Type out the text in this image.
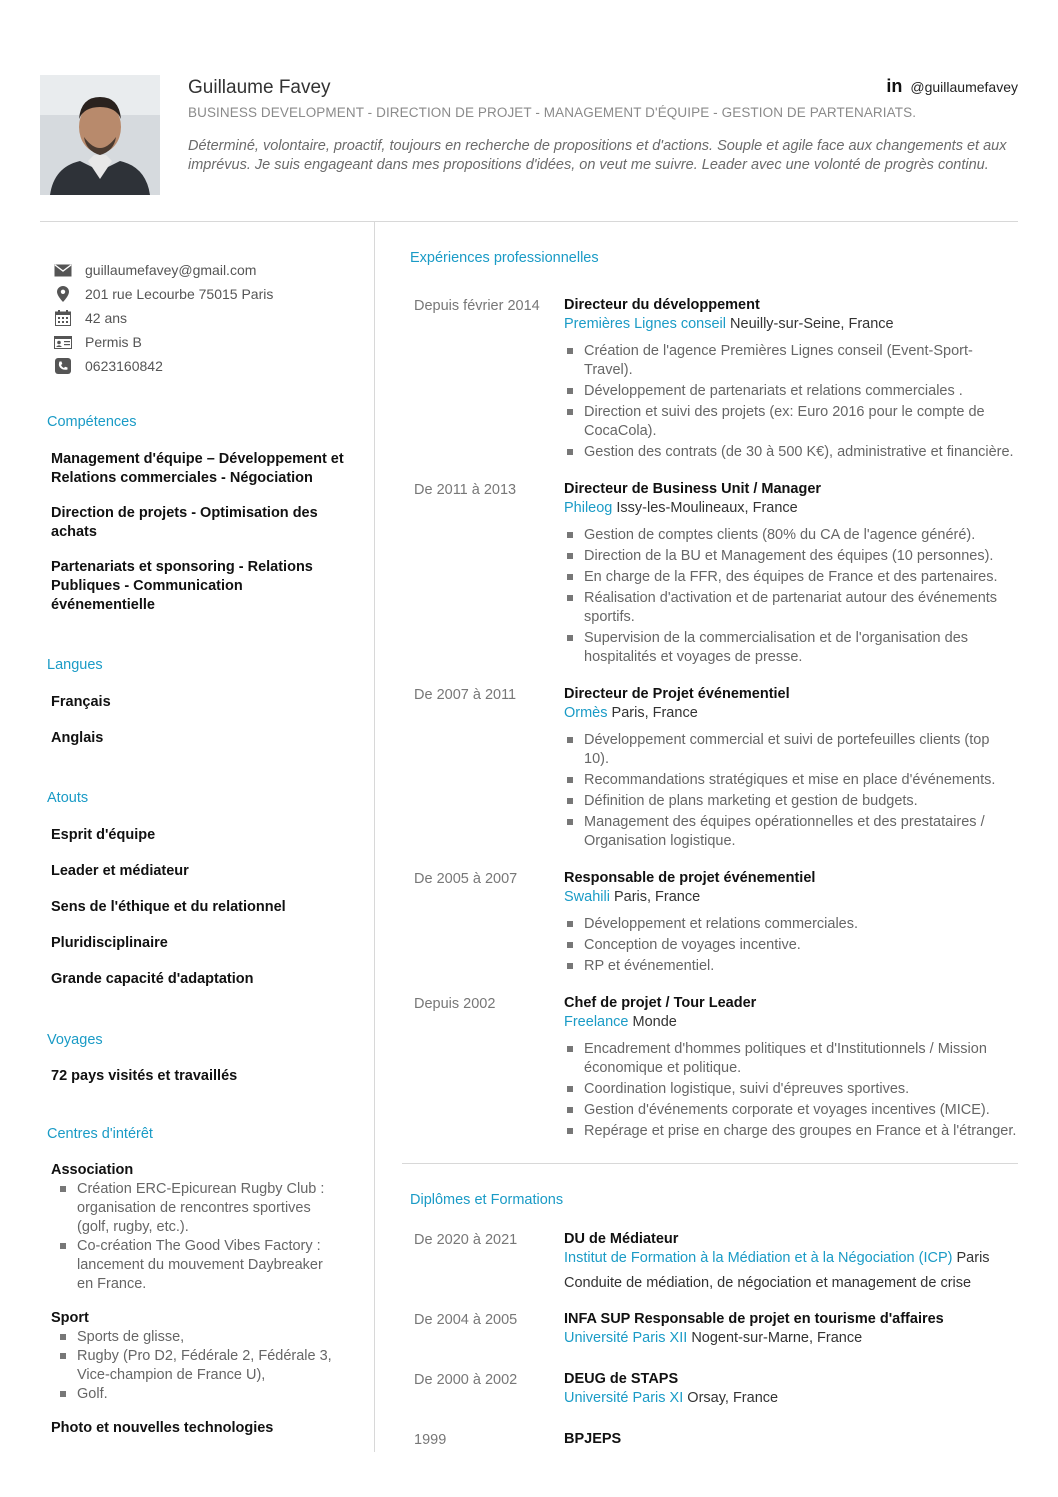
Guillaume Favey
BUSINESS DEVELOPMENT - DIRECTION DE PROJET - MANAGEMENT D'ÉQUIPE - GESTION DE PARTENARIATS.
Déterminé, volontaire, proactif, toujours en recherche de propositions et d'actions. Souple et agile face aux changements et aux imprévus. Je suis engageant dans mes propositions d'idées, on veut me suivre. Leader avec une volonté de progrès continu.
in @guillaumefavey
guillaumefavey@gmail.com
201 rue Lecourbe 75015 Paris
42 ans
Permis B
0623160842
Compétences
Management d'équipe – Développement et Relations commerciales - Négociation
Direction de projets - Optimisation des achats
Partenariats et sponsoring - Relations Publiques - Communication événementielle
Langues
Français
Anglais
Atouts
Esprit d'équipe
Leader et médiateur
Sens de l'éthique et du relationnel
Pluridisciplinaire
Grande capacité d'adaptation
Voyages
72 pays visités et travaillés
Centres d'intérêt
Association
Création ERC-Epicurean Rugby Club : organisation de rencontres sportives (golf, rugby, etc.).
Co-création The Good Vibes Factory : lancement du mouvement Daybreaker en France.
Sport
Sports de glisse,
Rugby (Pro D2, Fédérale 2, Fédérale 3, Vice-champion de France U),
Golf.
Photo et nouvelles technologies
Expériences professionnelles
Depuis février 2014	Directeur du développement
Premières Lignes conseil Neuilly-sur-Seine, France
Création de l'agence Premières Lignes conseil (Event-Sport-Travel).
Développement de partenariats et relations commerciales .
Direction et suivi des projets (ex: Euro 2016 pour le compte de CocaCola).
Gestion des contrats (de 30 à 500 K€), administrative et financière.
De 2011 à 2013	Directeur de Business Unit / Manager
Phileog Issy-les-Moulineaux, France
Gestion de comptes clients (80% du CA de l'agence généré).
Direction de la BU et Management des équipes (10 personnes).
En charge de la FFR, des équipes de France et des partenaires.
Réalisation d'activation et de partenariat autour des événements sportifs.
Supervision de la commercialisation et de l'organisation des hospitalités et voyages de presse.
De 2007 à 2011	Directeur de Projet événementiel
Ormès Paris, France
Développement commercial et suivi de portefeuilles clients (top 10).
Recommandations stratégiques et mise en place d'événements.
Définition de plans marketing et gestion de budgets.
Management des équipes opérationnelles et des prestataires / Organisation logistique.
De 2005 à 2007	Responsable de projet événementiel
Swahili Paris, France
Développement et relations commerciales.
Conception de voyages incentive.
RP et événementiel.
Depuis 2002	Chef de projet / Tour Leader
Freelance Monde
Encadrement d'hommes politiques et d'Institutionnels / Mission économique et politique.
Coordination logistique, suivi d'épreuves sportives.
Gestion d'événements corporate et voyages incentives (MICE).
Repérage et prise en charge des groupes en France et à l'étranger.
Diplômes et Formations
De 2020 à 2021	DU de Médiateur
Institut de Formation à la Médiation et à la Négociation (ICP) Paris
Conduite de médiation, de négociation et management de crise
De 2004 à 2005	INFA SUP Responsable de projet en tourisme d'affaires
Université Paris XII Nogent-sur-Marne, France
De 2000 à 2002	DEUG de STAPS
Université Paris XI Orsay, France
1999	BPJEPS
